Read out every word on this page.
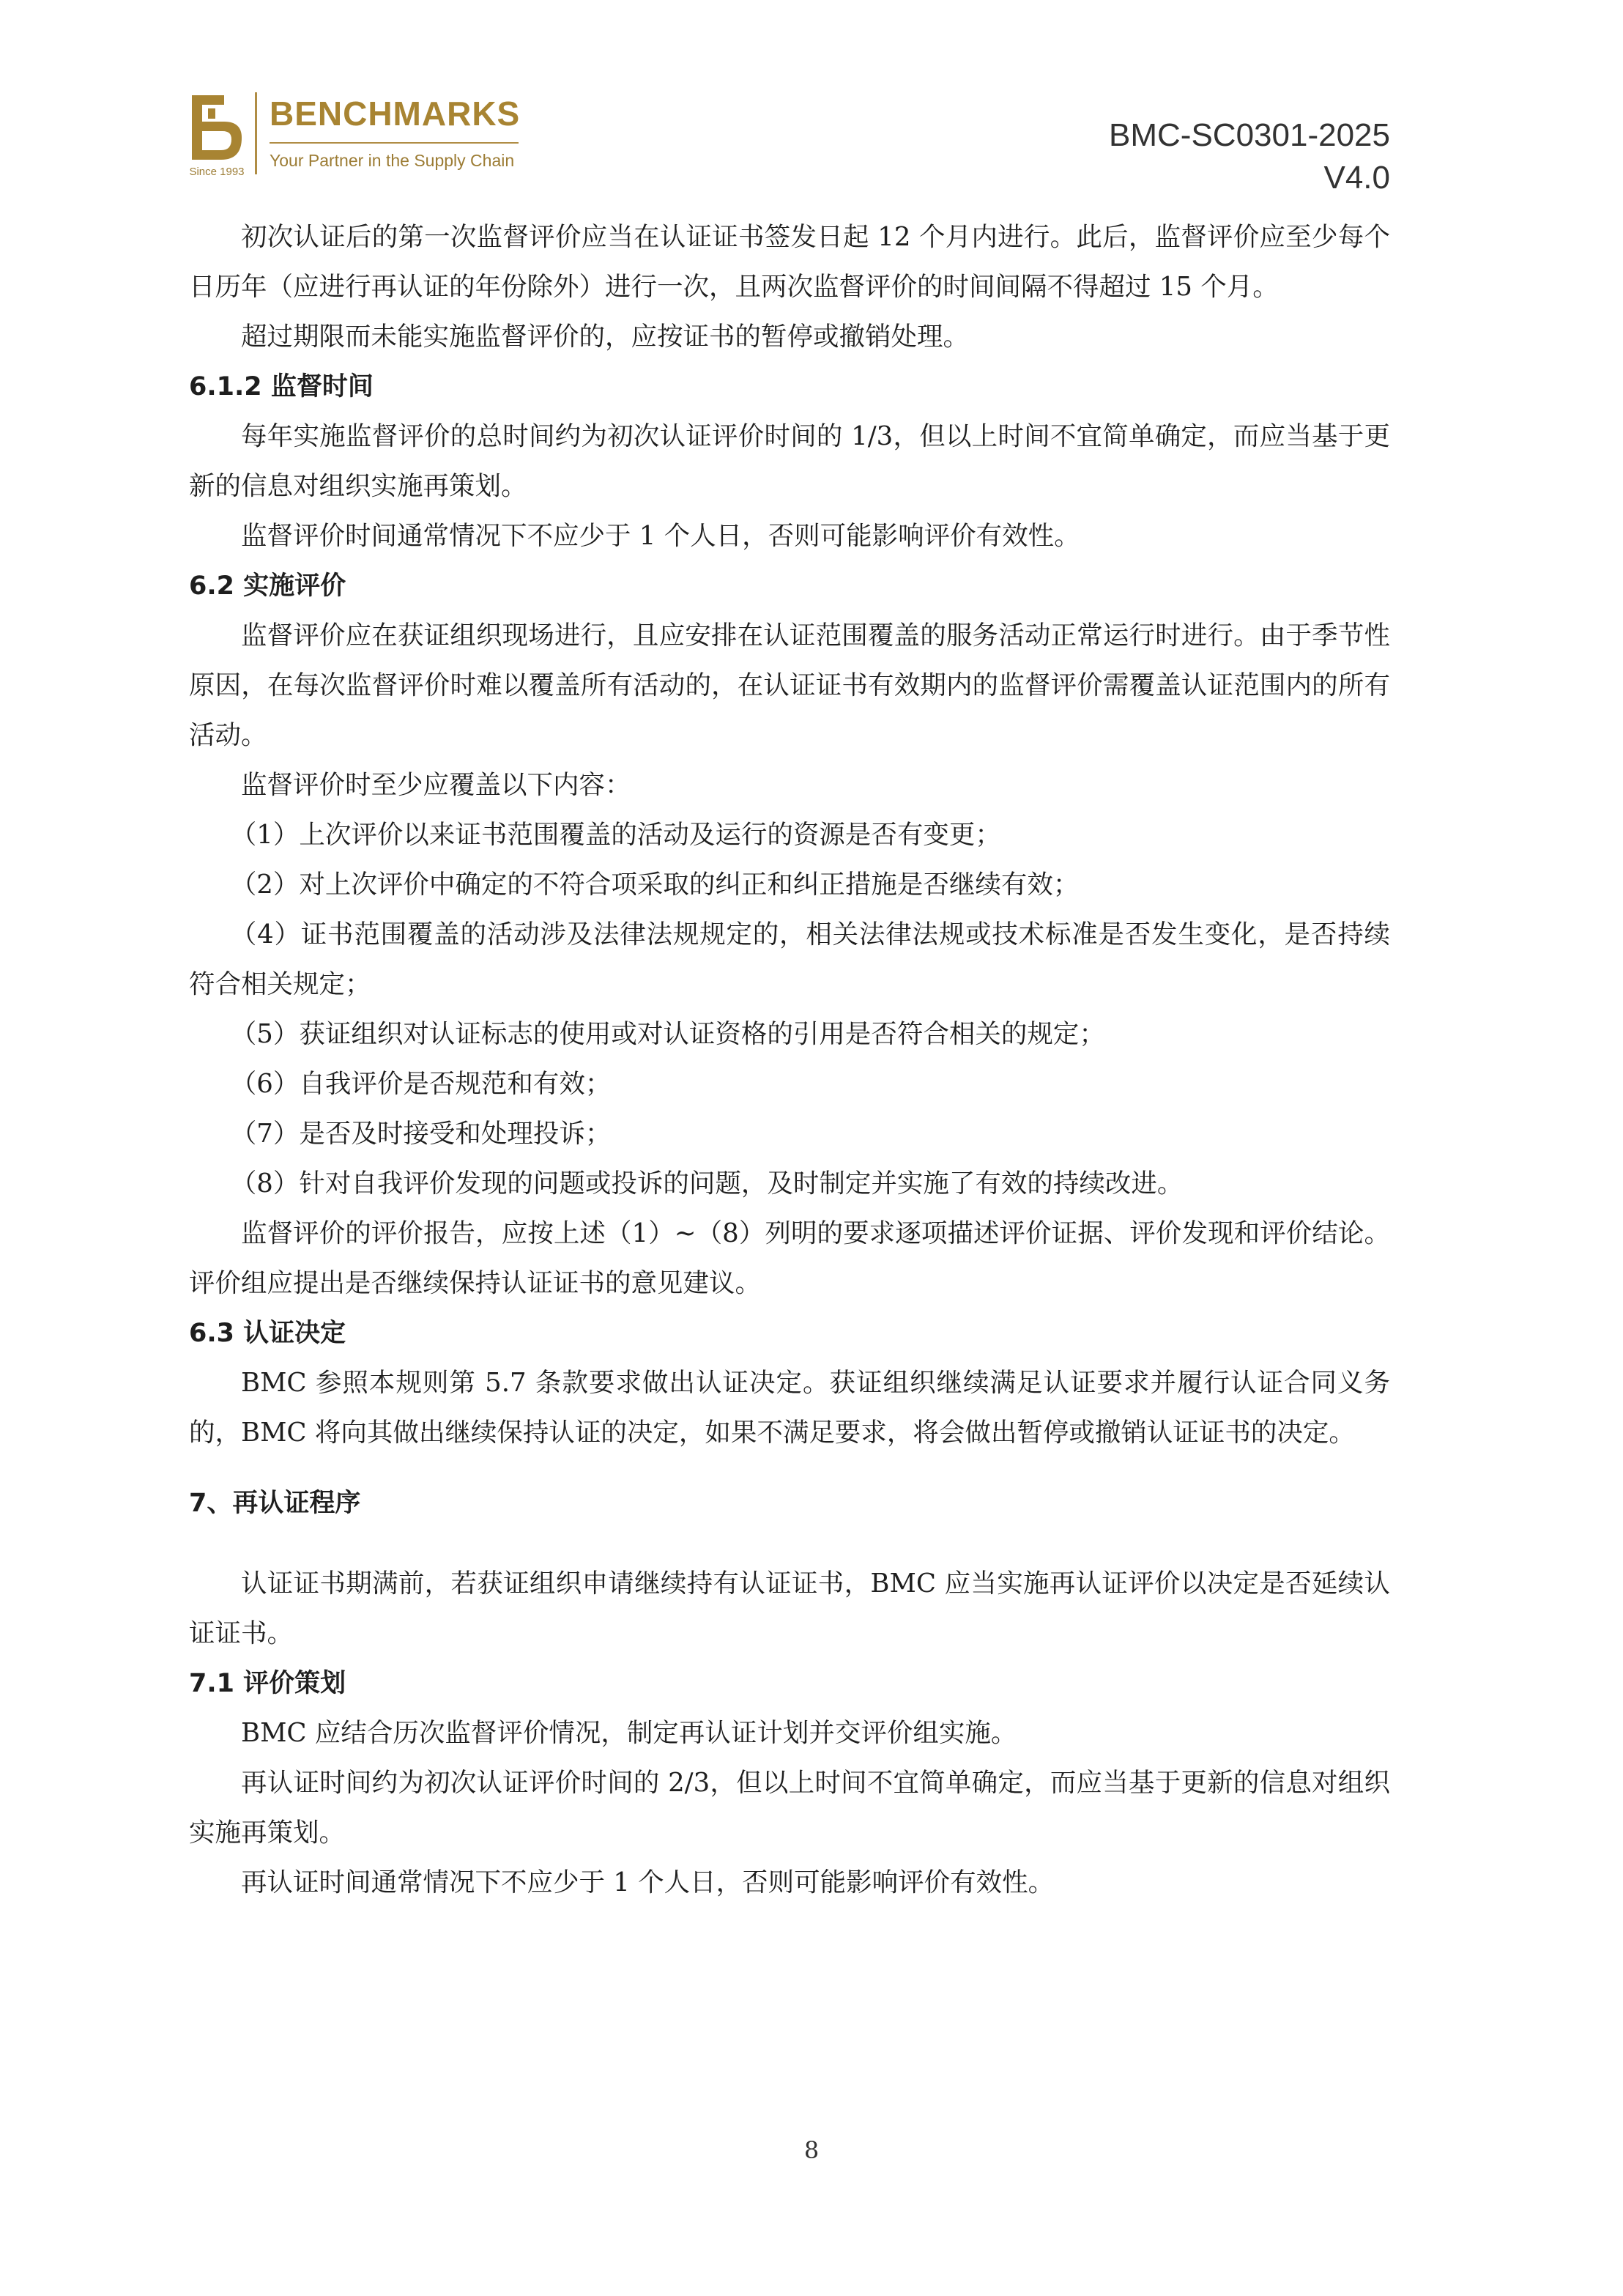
Since 1993
BENCHMARKS
Your Partner in the Supply Chain
BMC-SC0301-2025
V4.0

初次认证后的第一次监督评价应当在认证证书签发日起 12 个月内进行。此后，监督评价应至少每个日历年（应进行再认证的年份除外）进行一次，且两次监督评价的时间间隔不得超过 15 个月。

超过期限而未能实施监督评价的，应按证书的暂停或撤销处理。

6.1.2 监督时间

每年实施监督评价的总时间约为初次认证评价时间的 1/3，但以上时间不宜简单确定，而应当基于更新的信息对组织实施再策划。

监督评价时间通常情况下不应少于 1 个人日，否则可能影响评价有效性。

6.2 实施评价

监督评价应在获证组织现场进行，且应安排在认证范围覆盖的服务活动正常运行时进行。由于季节性原因，在每次监督评价时难以覆盖所有活动的，在认证证书有效期内的监督评价需覆盖认证范围内的所有活动。

监督评价时至少应覆盖以下内容：

（1）上次评价以来证书范围覆盖的活动及运行的资源是否有变更；

（2）对上次评价中确定的不符合项采取的纠正和纠正措施是否继续有效；

（4）证书范围覆盖的活动涉及法律法规规定的，相关法律法规或技术标准是否发生变化，是否持续符合相关规定；

（5）获证组织对认证标志的使用或对认证资格的引用是否符合相关的规定；

（6）自我评价是否规范和有效；

（7）是否及时接受和处理投诉；

（8）针对自我评价发现的问题或投诉的问题，及时制定并实施了有效的持续改进。

监督评价的评价报告，应按上述（1）~（8）列明的要求逐项描述评价证据、评价发现和评价结论。评价组应提出是否继续保持认证证书的意见建议。

6.3 认证决定

BMC 参照本规则第 5.7 条款要求做出认证决定。获证组织继续满足认证要求并履行认证合同义务的，BMC 将向其做出继续保持认证的决定，如果不满足要求，将会做出暂停或撤销认证证书的决定。

7、再认证程序

认证证书期满前，若获证组织申请继续持有认证证书，BMC 应当实施再认证评价以决定是否延续认证证书。

7.1 评价策划

BMC 应结合历次监督评价情况，制定再认证计划并交评价组实施。

再认证时间约为初次认证评价时间的 2/3，但以上时间不宜简单确定，而应当基于更新的信息对组织实施再策划。

再认证时间通常情况下不应少于 1 个人日，否则可能影响评价有效性。

8
